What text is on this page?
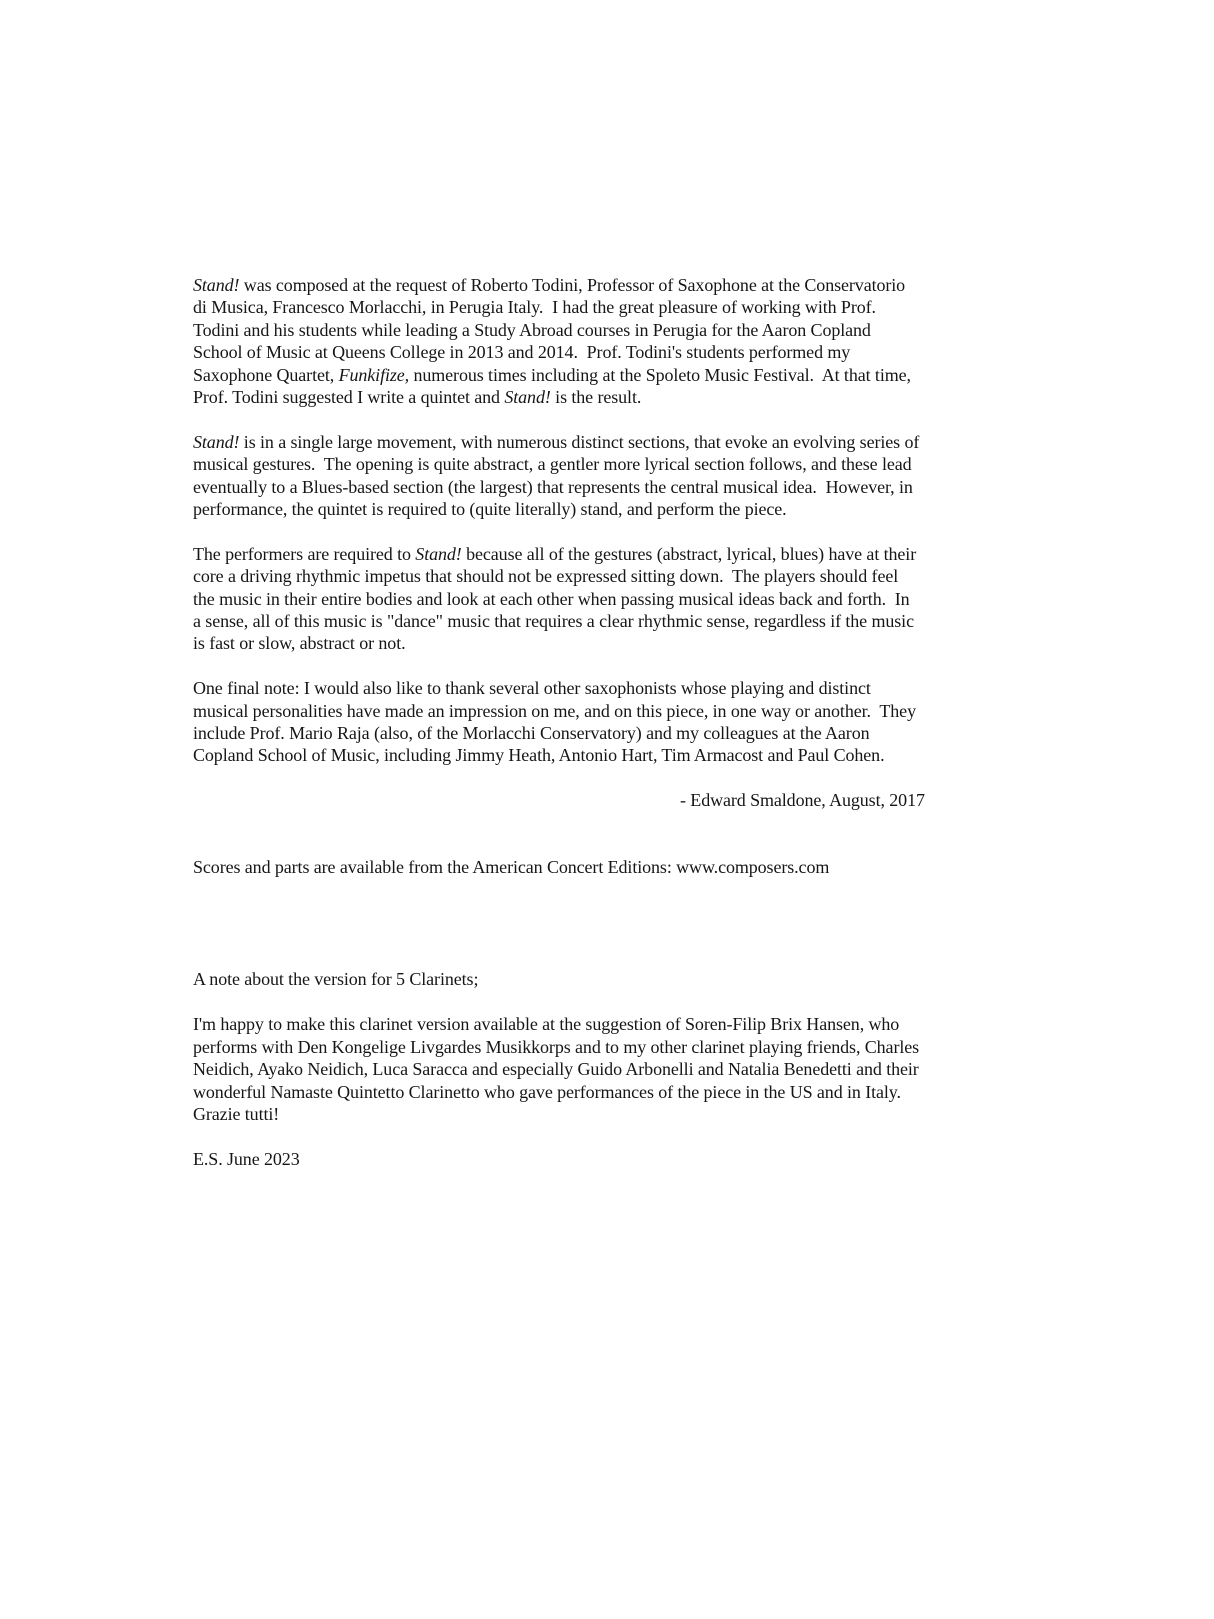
Stand! was composed at the request of Roberto Todini, Professor of Saxophone at the Conservatorio
di Musica, Francesco Morlacchi, in Perugia Italy.  I had the great pleasure of working with Prof.
Todini and his students while leading a Study Abroad courses in Perugia for the Aaron Copland
School of Music at Queens College in 2013 and 2014.  Prof. Todini's students performed my
Saxophone Quartet, Funkifize, numerous times including at the Spoleto Music Festival.  At that time,
Prof. Todini suggested I write a quintet and Stand! is the result.
Stand! is in a single large movement, with numerous distinct sections, that evoke an evolving series of
musical gestures.  The opening is quite abstract, a gentler more lyrical section follows, and these lead
eventually to a Blues-based section (the largest) that represents the central musical idea.  However, in
performance, the quintet is required to (quite literally) stand, and perform the piece.
The performers are required to Stand! because all of the gestures (abstract, lyrical, blues) have at their
core a driving rhythmic impetus that should not be expressed sitting down.  The players should feel
the music in their entire bodies and look at each other when passing musical ideas back and forth.  In
a sense, all of this music is "dance" music that requires a clear rhythmic sense, regardless if the music
is fast or slow, abstract or not.
One final note: I would also like to thank several other saxophonists whose playing and distinct
musical personalities have made an impression on me, and on this piece, in one way or another.  They
include Prof. Mario Raja (also, of the Morlacchi Conservatory) and my colleagues at the Aaron
Copland School of Music, including Jimmy Heath, Antonio Hart, Tim Armacost and Paul Cohen.
- Edward Smaldone, August, 2017
Scores and parts are available from the American Concert Editions: www.composers.com
A note about the version for 5 Clarinets;
I'm happy to make this clarinet version available at the suggestion of Soren-Filip Brix Hansen, who
performs with Den Kongelige Livgardes Musikkorps and to my other clarinet playing friends, Charles
Neidich, Ayako Neidich, Luca Saracca and especially Guido Arbonelli and Natalia Benedetti and their
wonderful Namaste Quintetto Clarinetto who gave performances of the piece in the US and in Italy.
Grazie tutti!
E.S. June 2023
